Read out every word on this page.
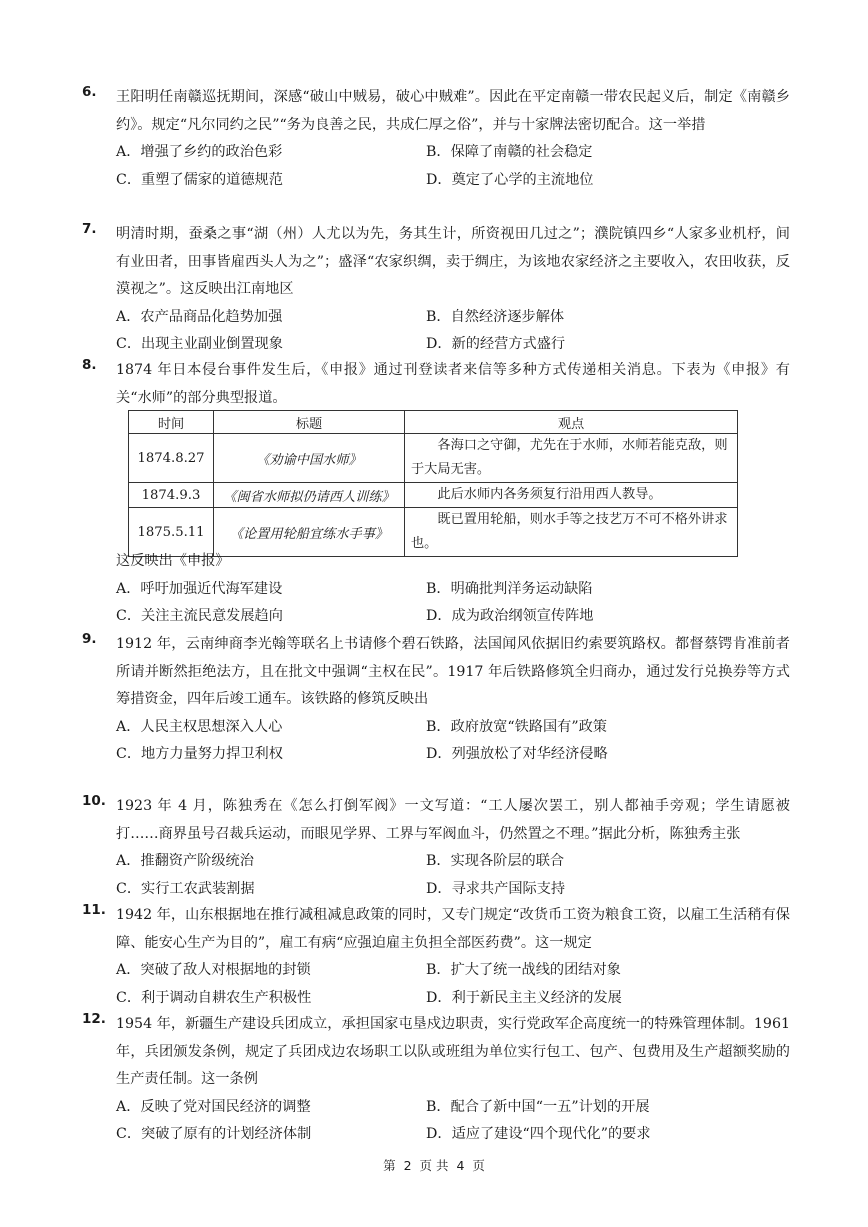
6. 王阳明任南赣巡抚期间，深感“破山中贼易，破心中贼难”。因此在平定南赣一带农民起义后，制定《南赣乡约》。规定“凡尔同约之民”“务为良善之民，共成仁厚之俗”，并与十家牌法密切配合。这一举措
A．增强了乡约的政治色彩	B．保障了南赣的社会稳定
C．重塑了儒家的道德规范	D．奠定了心学的主流地位
7. 明清时期，蚕桑之事“湖（州）人尤以为先，务其生计，所资视田几过之”；濮院镇四乡“人家多业机杼，间有业田者，田事皆雇西头人为之”；盛泽“农家织绸，卖于绸庄，为该地农家经济之主要收入，农田收获，反漠视之”。这反映出江南地区
A．农产品商品化趋势加强	B．自然经济逐步解体
C．出现主业副业倒置现象	D．新的经营方式盛行
8. 1874 年日本侵台事件发生后，《申报》通过刊登读者来信等多种方式传递相关消息。下表为《申报》有关“水师”的部分典型报道。
时间	标题	观点
1874.8.27	《劝谕中国水师》	各海口之守御，尤先在于水师，水师若能克敌，则于大局无害。
1874.9.3	《闽省水师拟仍请西人训练》	此后水师内各务须复行沿用西人教导。
1875.5.11	《论置用轮船宜练水手事》	既已置用轮船，则水手等之技艺万不可不格外讲求也。
这反映出《申报》
A．呼吁加强近代海军建设	B．明确批判洋务运动缺陷
C．关注主流民意发展趋向	D．成为政治纲领宣传阵地
9. 1912 年，云南绅商李光翰等联名上书请修个碧石铁路，法国闻风依据旧约索要筑路权。都督蔡锷肯准前者所请并断然拒绝法方，且在批文中强调“主权在民”。1917 年后铁路修筑全归商办，通过发行兑换券等方式筹措资金，四年后竣工通车。该铁路的修筑反映出
A．人民主权思想深入人心	B．政府放宽“铁路国有”政策
C．地方力量努力捍卫利权	D．列强放松了对华经济侵略
10. 1923 年 4 月，陈独秀在《怎么打倒军阀》一文写道：“工人屡次罢工，别人都袖手旁观；学生请愿被打……商界虽号召裁兵运动，而眼见学界、工界与军阀血斗，仍然置之不理。”据此分析，陈独秀主张
A．推翻资产阶级统治	B．实现各阶层的联合
C．实行工农武装割据	D．寻求共产国际支持
11. 1942 年，山东根据地在推行减租减息政策的同时，又专门规定“改货币工资为粮食工资，以雇工生活稍有保障、能安心生产为目的”，雇工有病“应强迫雇主负担全部医药费”。这一规定
A．突破了敌人对根据地的封锁	B．扩大了统一战线的团结对象
C．利于调动自耕农生产积极性	D．利于新民主主义经济的发展
12. 1954 年，新疆生产建设兵团成立，承担国家屯垦戍边职责，实行党政军企高度统一的特殊管理体制。1961 年，兵团颁发条例，规定了兵团戍边农场职工以队或班组为单位实行包工、包产、包费用及生产超额奖励的生产责任制。这一条例
A．反映了党对国民经济的调整	B．配合了新中国“一五”计划的开展
C．突破了原有的计划经济体制	D．适应了建设“四个现代化”的要求
第 2 页 共 4 页
